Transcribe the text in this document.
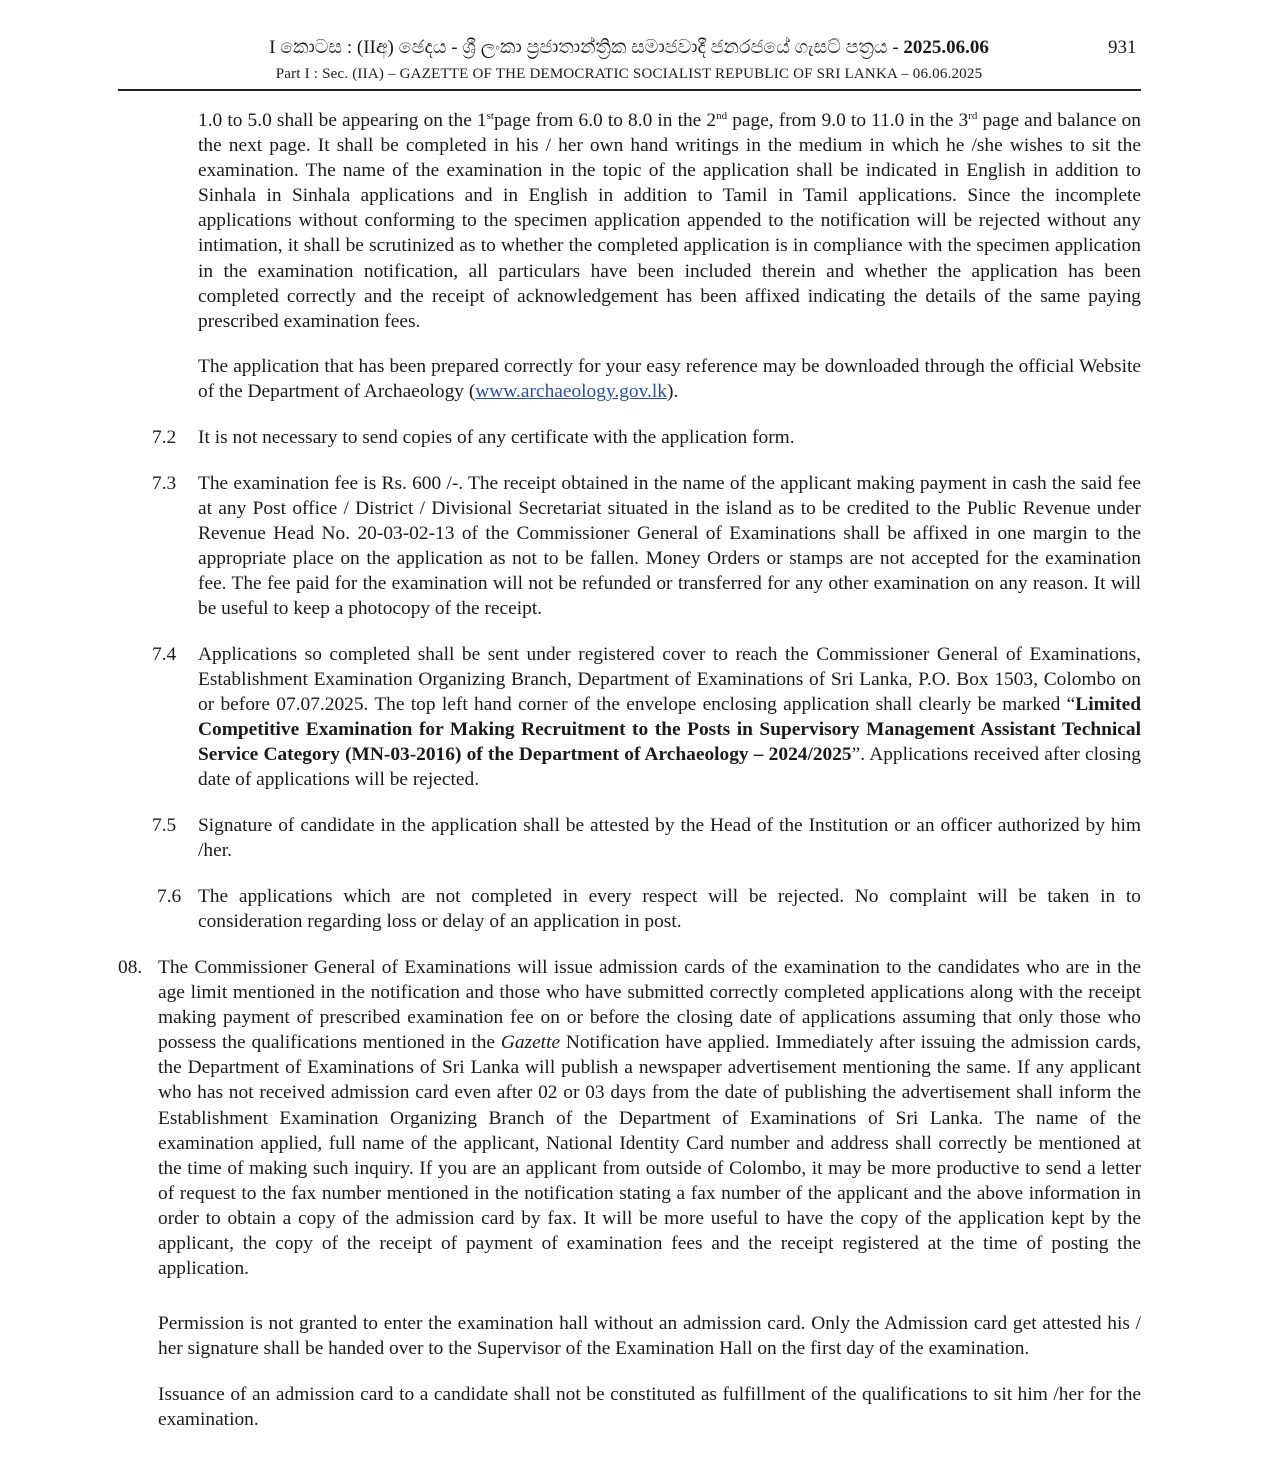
I කොටස : (IIඅ) ඡෙදය - ශ්‍රී ලංකා ප්‍රජාතාන්ත්‍රික සමාජවාදී ජනරජයේ ගැසට් පත්‍රය - 2025.06.06	931
Part I : Sec. (IIA) – GAZETTE OF THE DEMOCRATIC SOCIALIST REPUBLIC OF SRI LANKA – 06.06.2025

1.0 to 5.0 shall be appearing on the 1stpage from 6.0 to 8.0 in the 2nd page, from 9.0 to 11.0 in the 3rd page and balance on the next page. It shall be completed in his / her own hand writings in the medium in which he /she wishes to sit the examination. The name of the examination in the topic of the application shall be indicated in English in addition to Sinhala in Sinhala applications and in English in addition to Tamil in Tamil applications. Since the incomplete applications without conforming to the specimen application appended to the notification will be rejected without any intimation, it shall be scrutinized as to whether the completed application is in compliance with the specimen application in the examination notification, all particulars have been included therein and whether the application has been completed correctly and the receipt of acknowledgement has been affixed indicating the details of the same paying prescribed examination fees.

The application that has been prepared correctly for your easy reference may be downloaded through the official Website of the Department of Archaeology (www.archaeology.gov.lk).

7.2 It is not necessary to send copies of any certificate with the application form.

7.3 The examination fee is Rs. 600 /-. The receipt obtained in the name of the applicant making payment in cash the said fee at any Post office / District / Divisional Secretariat situated in the island as to be credited to the Public Revenue under Revenue Head No. 20-03-02-13 of the Commissioner General of Examinations shall be affixed in one margin to the appropriate place on the application as not to be fallen. Money Orders or stamps are not accepted for the examination fee. The fee paid for the examination will not be refunded or transferred for any other examination on any reason. It will be useful to keep a photocopy of the receipt.

7.4 Applications so completed shall be sent under registered cover to reach the Commissioner General of Examinations, Establishment Examination Organizing Branch, Department of Examinations of Sri Lanka, P.O. Box 1503, Colombo on or before 07.07.2025. The top left hand corner of the envelope enclosing application shall clearly be marked “Limited Competitive Examination for Making Recruitment to the Posts in Supervisory Management Assistant Technical Service Category (MN-03-2016) of the Department of Archaeology – 2024/2025”. Applications received after closing date of applications will be rejected.

7.5 Signature of candidate in the application shall be attested by the Head of the Institution or an officer authorized by him /her.

7.6 The applications which are not completed in every respect will be rejected. No complaint will be taken in to consideration regarding loss or delay of an application in post.

08. The Commissioner General of Examinations will issue admission cards of the examination to the candidates who are in the age limit mentioned in the notification and those who have submitted correctly completed applications along with the receipt making payment of prescribed examination fee on or before the closing date of applications assuming that only those who possess the qualifications mentioned in the Gazette Notification have applied. Immediately after issuing the admission cards, the Department of Examinations of Sri Lanka will publish a newspaper advertisement mentioning the same. If any applicant who has not received admission card even after 02 or 03 days from the date of publishing the advertisement shall inform the Establishment Examination Organizing Branch of the Department of Examinations of Sri Lanka. The name of the examination applied, full name of the applicant, National Identity Card number and address shall correctly be mentioned at the time of making such inquiry. If you are an applicant from outside of Colombo, it may be more productive to send a letter of request to the fax number mentioned in the notification stating a fax number of the applicant and the above information in order to obtain a copy of the admission card by fax. It will be more useful to have the copy of the application kept by the applicant, the copy of the receipt of payment of examination fees and the receipt registered at the time of posting the application.

Permission is not granted to enter the examination hall without an admission card. Only the Admission card get attested his / her signature shall be handed over to the Supervisor of the Examination Hall on the first day of the examination.

Issuance of an admission card to a candidate shall not be constituted as fulfillment of the qualifications to sit him /her for the examination.
